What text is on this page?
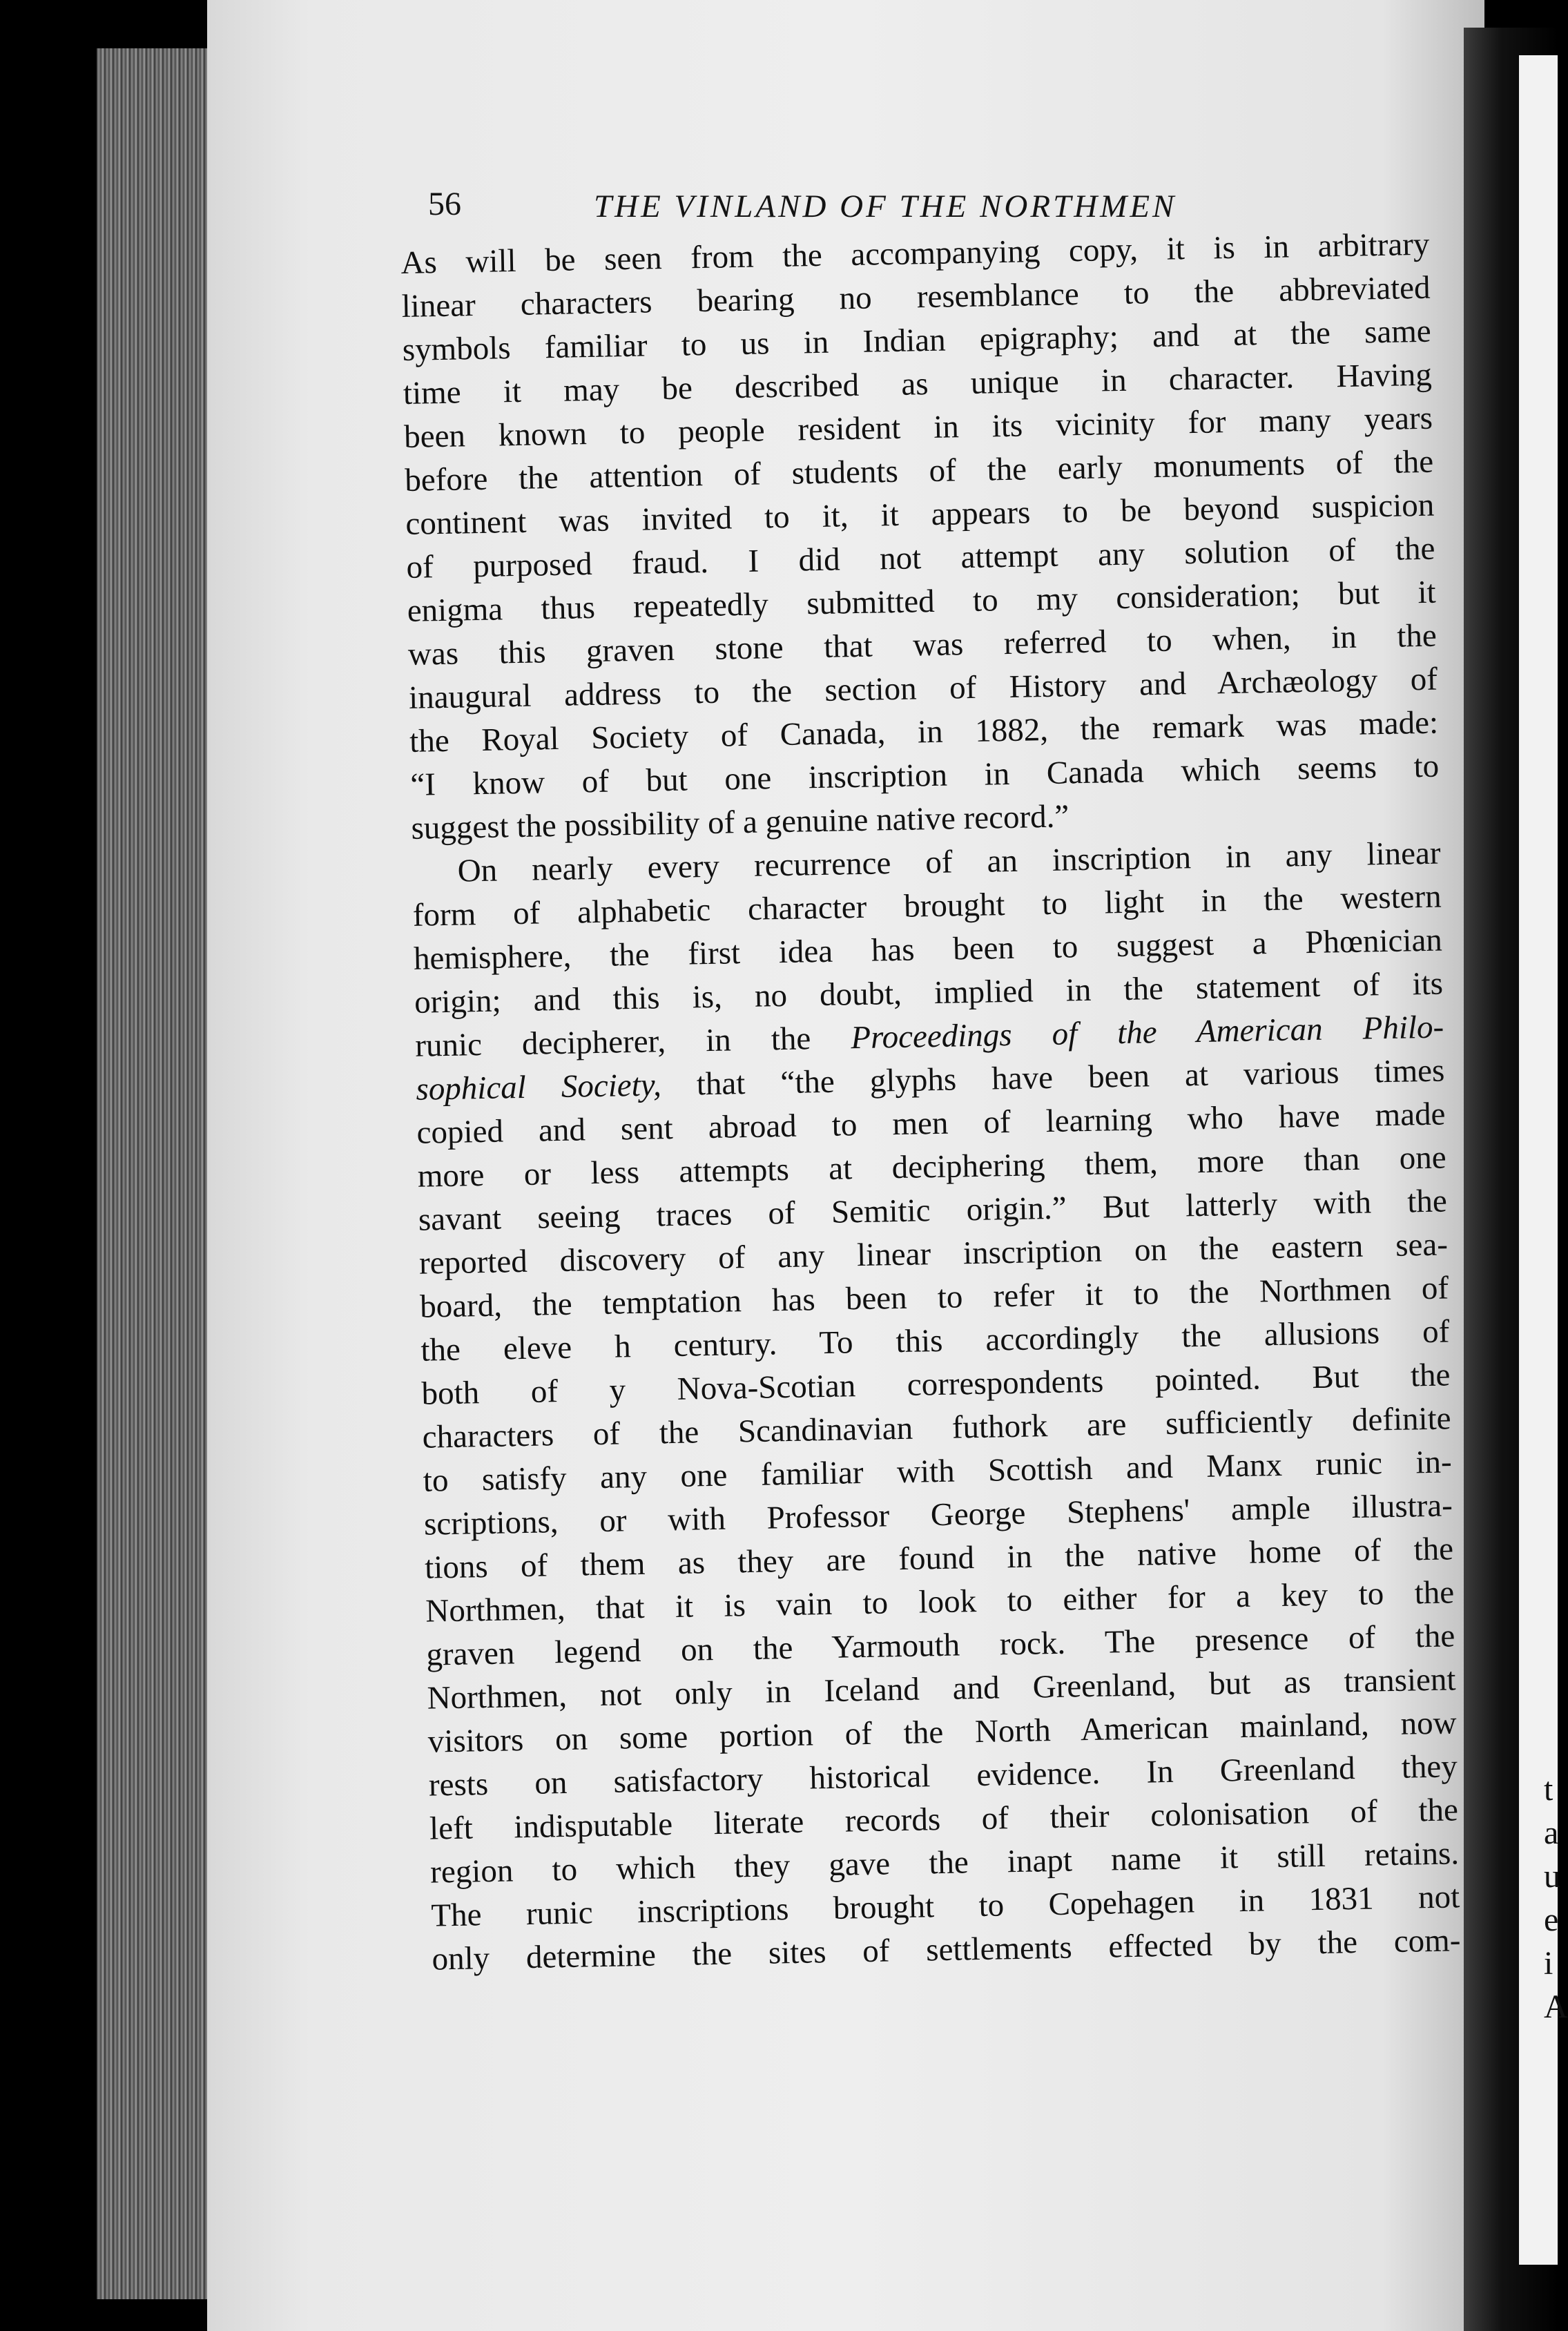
t
a
u
e
i
A
56	THE VINLAND OF THE NORTHMEN
As will be seen from the accompanying copy, it is in arbitrary
linear characters bearing no resemblance to the abbreviated
symbols familiar to us in Indian epigraphy; and at the same
time it may be described as unique in character. Having
been known to people resident in its vicinity for many years
before the attention of students of the early monuments of the
continent was invited to it, it appears to be beyond suspicion
of purposed fraud. I did not attempt any solution of the
enigma thus repeatedly submitted to my consideration; but it
was this graven stone that was referred to when, in the
inaugural address to the section of History and Archæology of
the Royal Society of Canada, in 1882, the remark was made:
“I know of but one inscription in Canada which seems to
suggest the possibility of a genuine native record.”
On nearly every recurrence of an inscription in any linear
form of alphabetic character brought to light in the western
hemisphere, the first idea has been to suggest a Phœnician
origin; and this is, no doubt, implied in the statement of its
runic decipherer, in the Proceedings of the American Philo-
sophical Society, that “the glyphs have been at various times
copied and sent abroad to men of learning who have made
more or less attempts at deciphering them, more than one
savant seeing traces of Semitic origin.” But latterly with the
reported discovery of any linear inscription on the eastern sea-
board, the temptation has been to refer it to the Northmen of
the eleve h century. To this accordingly the allusions of
both of y Nova-Scotian correspondents pointed. But the
characters of the Scandinavian futhork are sufficiently definite
to satisfy any one familiar with Scottish and Manx runic in-
scriptions, or with Professor George Stephens' ample illustra-
tions of them as they are found in the native home of the
Northmen, that it is vain to look to either for a key to the
graven legend on the Yarmouth rock. The presence of the
Northmen, not only in Iceland and Greenland, but as transient
visitors on some portion of the North American mainland, now
rests on satisfactory historical evidence. In Greenland they
left indisputable literate records of their colonisation of the
region to which they gave the inapt name it still retains.
The runic inscriptions brought to Copehagen in 1831 not
only determine the sites of settlements effected by the com-
